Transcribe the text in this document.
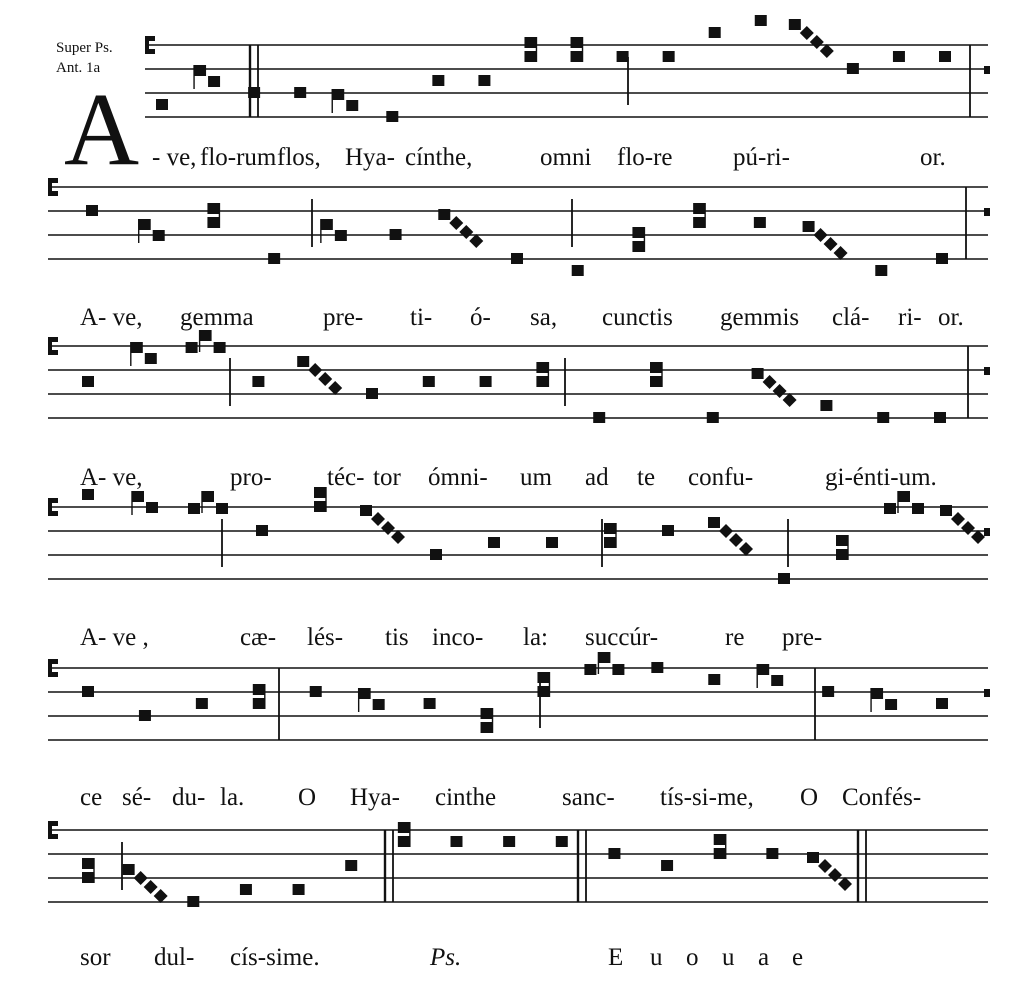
Super Ps.
Ant. 1a
A - ve, flo-rum flos, Hya- cínthe,	omni flo-re pú-ri-	or.
A- ve, gemma	pre- ti- ó- sa, cunctis gemmis clá- ri- or.
A- ve,	pro- téc- tor ómni- um ad te confu-	gi-énti-um.
A- ve ,	cæ- lés- tis inco- la: succúr-	re pre-
ce sé- du- la. O Hya- cinthe	sanc- tís-si-me, O Confés-
sor dul- cís-sime.	Ps.	E u o u a e
